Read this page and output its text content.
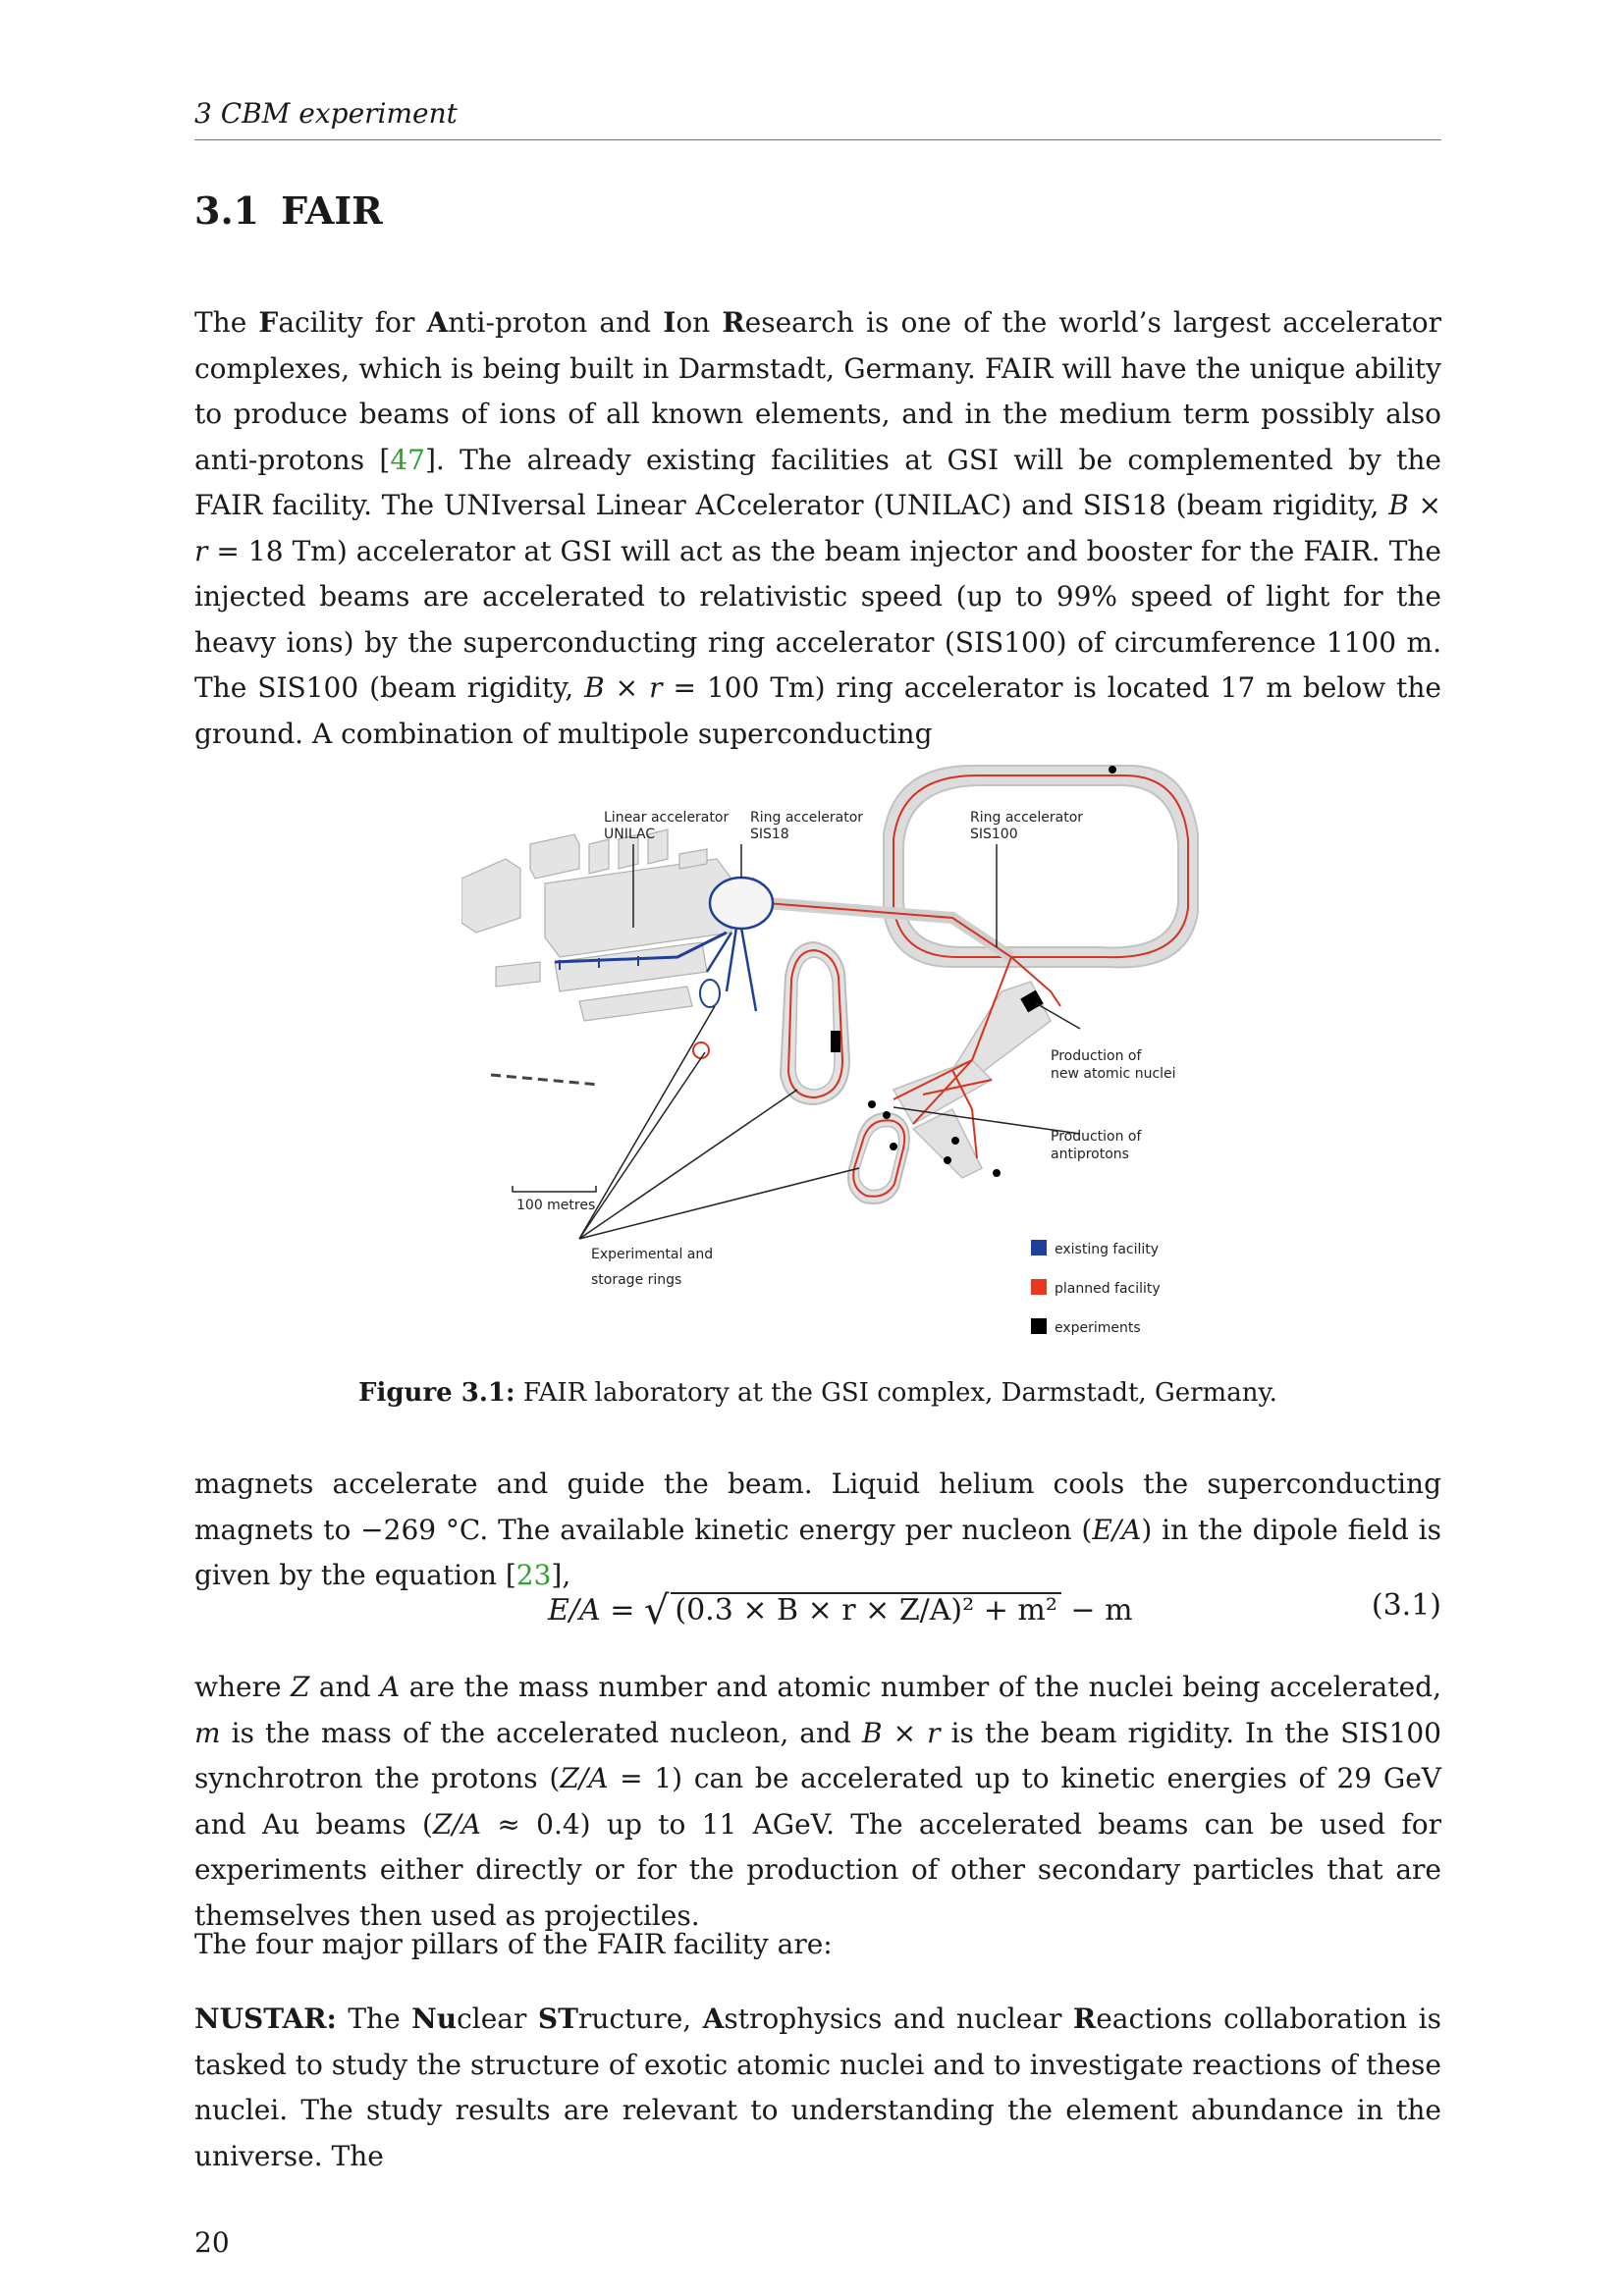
3 CBM experiment
3.1 FAIR

The Facility for Anti-proton and Ion Research is one of the world’s largest accelerator complexes, which is being built in Darmstadt, Germany. FAIR will have the unique ability to produce beams of ions of all known elements, and in the medium term possibly also anti-protons [47]. The already existing facilities at GSI will be complemented by the FAIR facility. The UNIversal Linear ACcelerator (UNILAC) and SIS18 (beam rigidity, B × r = 18 Tm) accelerator at GSI will act as the beam injector and booster for the FAIR. The injected beams are accelerated to relativistic speed (up to 99% speed of light for the heavy ions) by the superconducting ring accelerator (SIS100) of circumference 1100 m. The SIS100 (beam rigidity, B × r = 100 Tm) ring accelerator is located 17 m below the ground. A combination of multipole superconducting

Linear accelerator
UNILAC
Ring accelerator
SIS18
Ring accelerator
SIS100
Production of
new atomic nuclei
Production of
antiprotons
100 metres
Experimental and
storage rings
existing facility
planned facility
experiments
Figure 3.1: FAIR laboratory at the GSI complex, Darmstadt, Germany.

magnets accelerate and guide the beam. Liquid helium cools the superconducting magnets to −269 °C. The available kinetic energy per nucleon (E/A) in the dipole field is given by the equation [23],

E/A = √ (0.3 × B × r × Z/A)² + m² − m	(3.1)

where Z and A are the mass number and atomic number of the nuclei being accelerated, m is the mass of the accelerated nucleon, and B × r is the beam rigidity. In the SIS100 synchrotron the protons (Z/A = 1) can be accelerated up to kinetic energies of 29 GeV and Au beams (Z/A ≈ 0.4) up to 11 AGeV. The accelerated beams can be used for experiments either directly or for the production of other secondary particles that are themselves then used as projectiles.

The four major pillars of the FAIR facility are:

NUSTAR: The Nuclear STructure, Astrophysics and nuclear Reactions collaboration is tasked to study the structure of exotic atomic nuclei and to investigate reactions of these nuclei. The study results are relevant to understanding the element abundance in the universe. The

20
